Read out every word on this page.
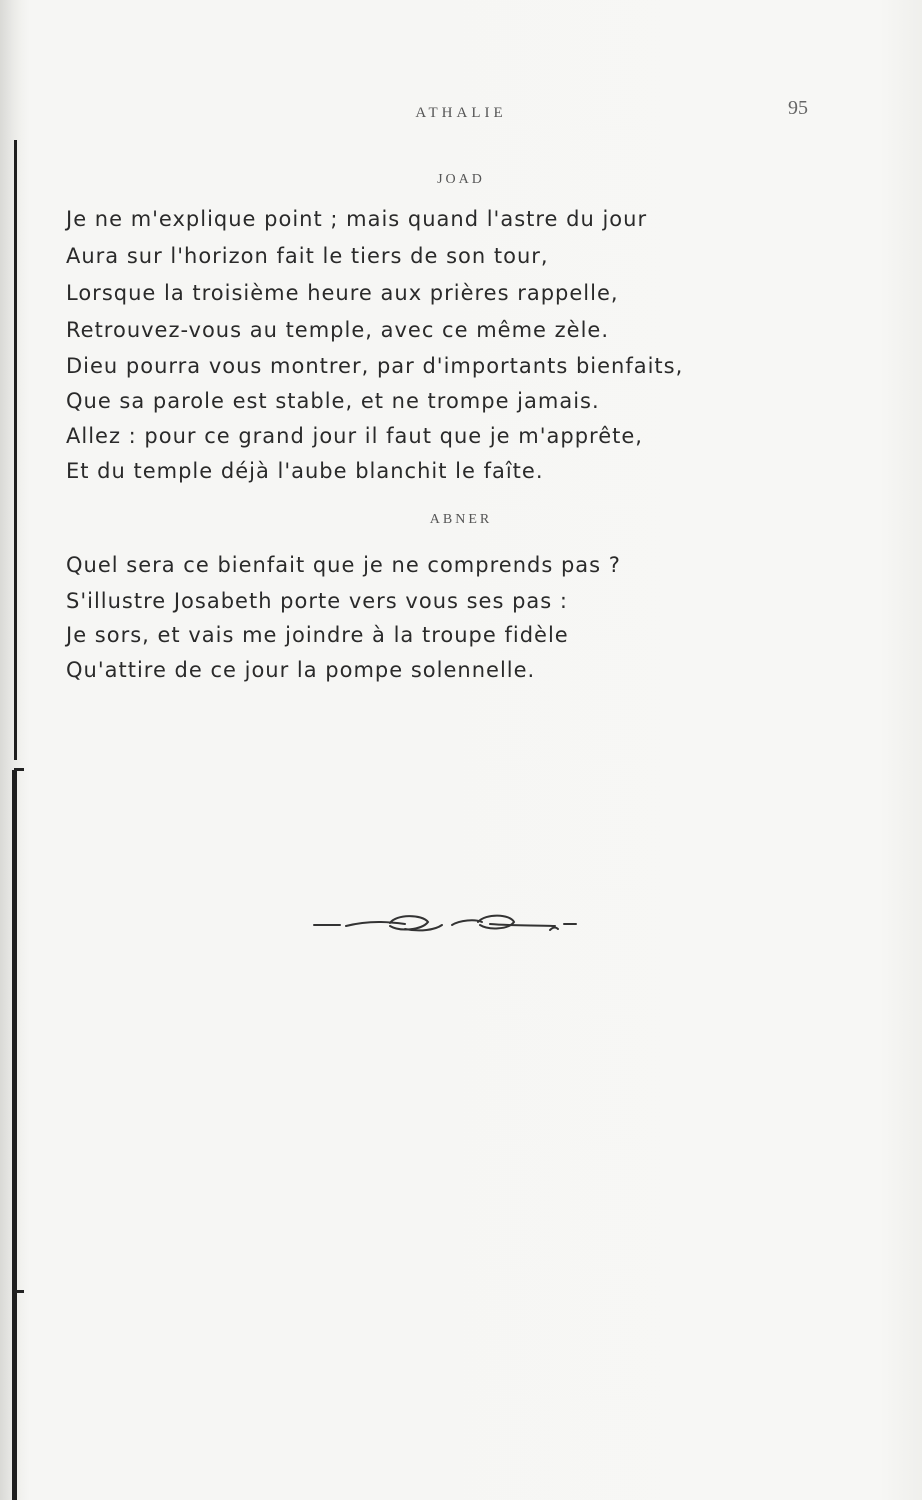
ATHALIE	95
JOAD
Je ne m'explique point ; mais quand l'astre du jour
Aura sur l'horizon fait le tiers de son tour,
Lorsque la troisième heure aux prières rappelle,
Retrouvez-vous au temple, avec ce même zèle.
Dieu pourra vous montrer, par d'importants bienfaits,
Que sa parole est stable, et ne trompe jamais.
Allez : pour ce grand jour il faut que je m'apprête,
Et du temple déjà l'aube blanchit le faîte.
ABNER
Quel sera ce bienfait que je ne comprends pas ?
S'illustre Josabeth porte vers vous ses pas :
Je sors, et vais me joindre à la troupe fidèle
Qu'attire de ce jour la pompe solennelle.
